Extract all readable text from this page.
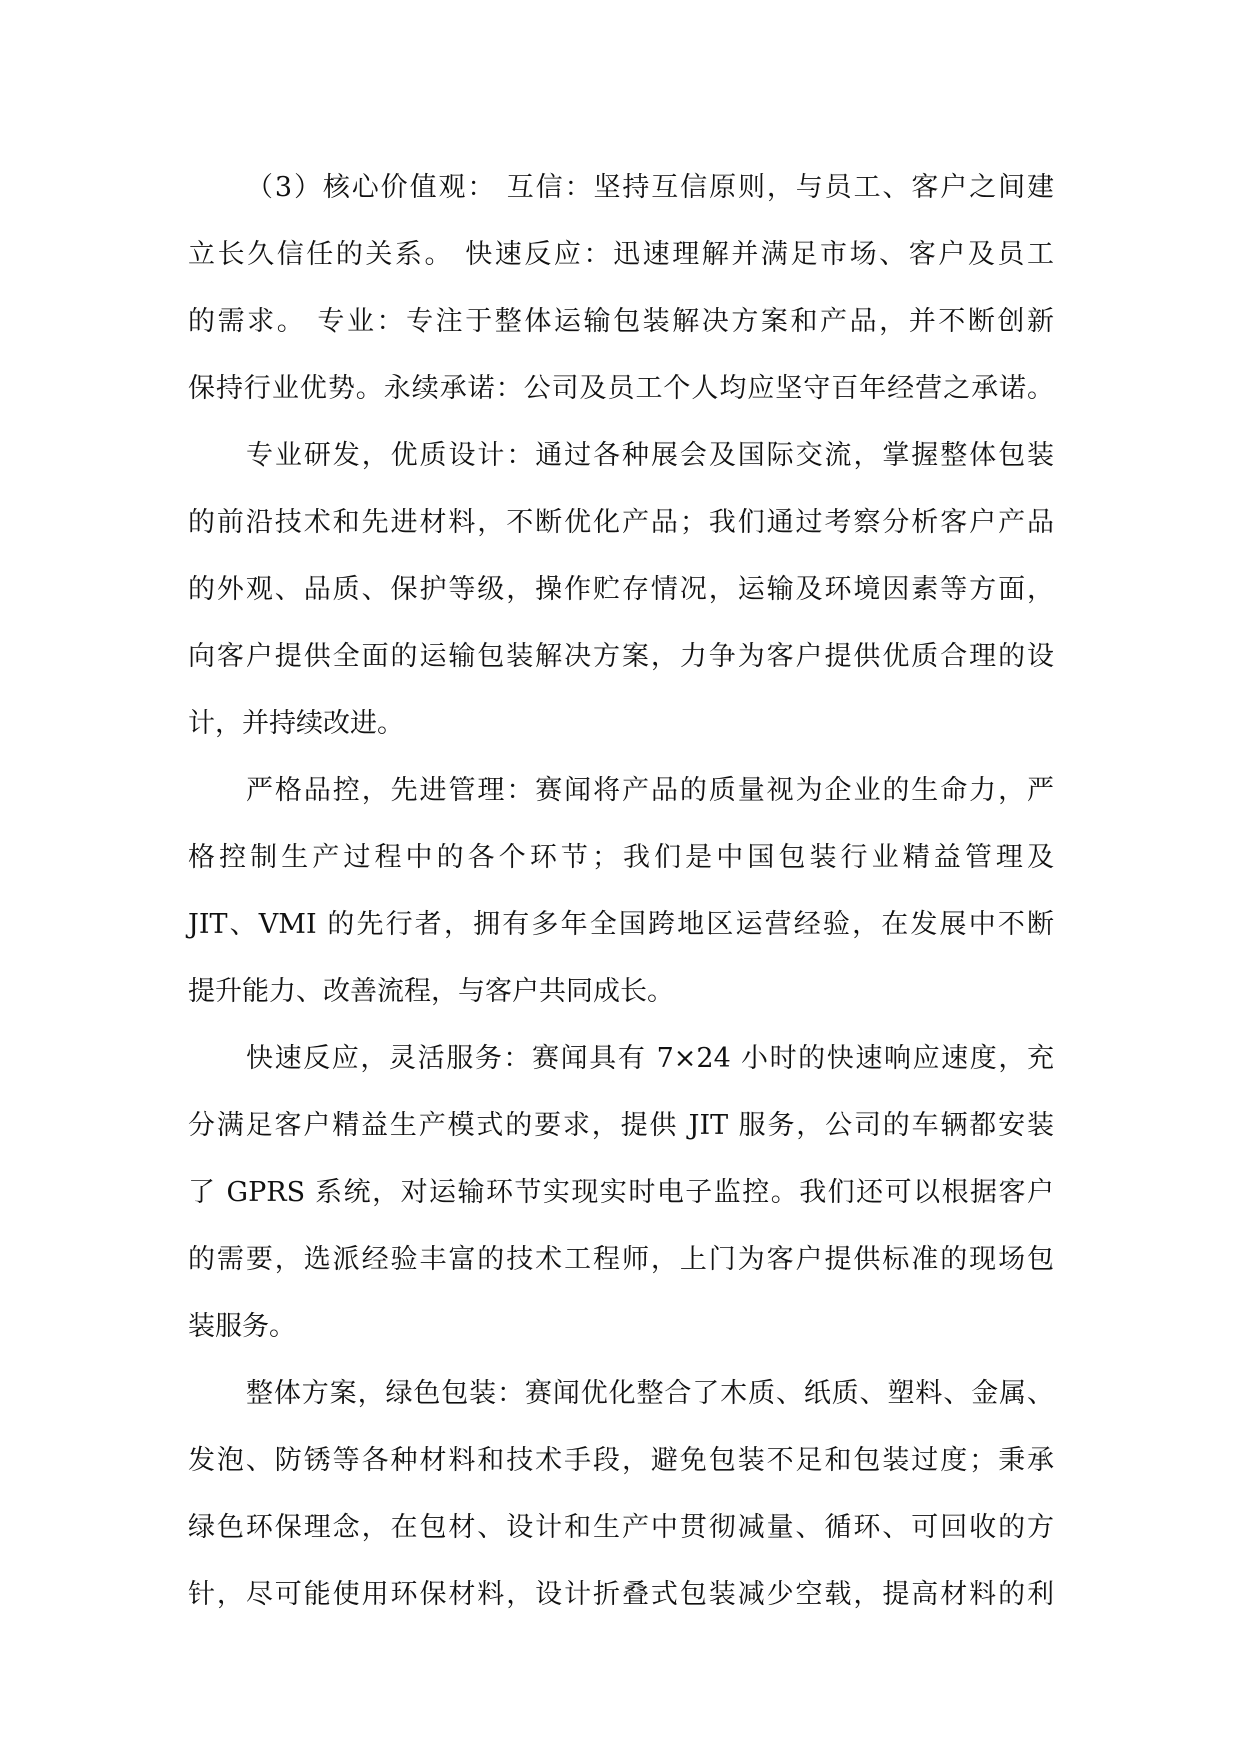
（3）核心价值观： 互信：坚持互信原则，与员工、客户之间建
立长久信任的关系。 快速反应：迅速理解并满足市场、客户及员工
的需求。 专业：专注于整体运输包装解决方案和产品，并不断创新
保持行业优势。永续承诺：公司及员工个人均应坚守百年经营之承诺。
专业研发，优质设计：通过各种展会及国际交流，掌握整体包装
的前沿技术和先进材料，不断优化产品；我们通过考察分析客户产品
的外观、品质、保护等级，操作贮存情况，运输及环境因素等方面，
向客户提供全面的运输包装解决方案，力争为客户提供优质合理的设
计，并持续改进。
严格品控，先进管理：赛闻将产品的质量视为企业的生命力，严
格控制生产过程中的各个环节；我们是中国包装行业精益管理及
JIT、VMI 的先行者，拥有多年全国跨地区运营经验，在发展中不断
提升能力、改善流程，与客户共同成长。
快速反应，灵活服务：赛闻具有 7×24 小时的快速响应速度，充
分满足客户精益生产模式的要求，提供 JIT 服务，公司的车辆都安装
了 GPRS 系统，对运输环节实现实时电子监控。我们还可以根据客户
的需要，选派经验丰富的技术工程师，上门为客户提供标准的现场包
装服务。
整体方案，绿色包装：赛闻优化整合了木质、纸质、塑料、金属、
发泡、防锈等各种材料和技术手段，避免包装不足和包装过度；秉承
绿色环保理念，在包材、设计和生产中贯彻减量、循环、可回收的方
针，尽可能使用环保材料，设计折叠式包装减少空载，提高材料的利
